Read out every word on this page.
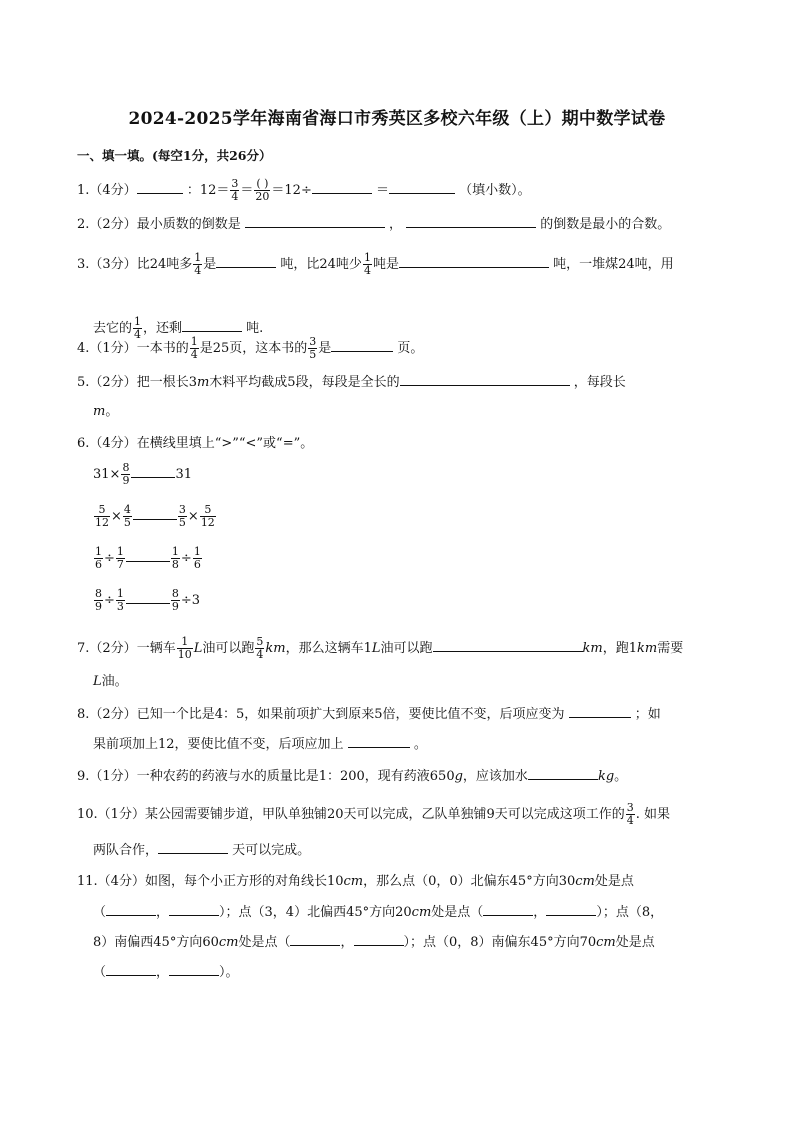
2024-2025学年海南省海口市秀英区多校六年级（上）期中数学试卷
一、填一填。(每空1分，共26分）
1.（4分）	：$12= \frac{3}{4}$ ＝ ( )
20 ＝12÷	＝	（填小数）。
2.（2分）最小质数的倒数是	，	的倒数是最小的合数。
3.（3分）比24吨多 $\frac{1}{4}$ 是	吨，比24吨少 $\frac{1}{4}$ 吨是	吨，一堆煤24吨，用
去它的 $\frac{1}{4}$ ，还剩	吨.
4.（1分）一本书的 $\frac{1}{4}$ 是25页，这本书的 $\frac{3}{5}$ 是	页。
5.（2分）把一根长3m木料平均截成5段，每段是全长的	，每段长
m。
6.（4分）在横线里填上“>”“<”或“=”。
$31\times \frac{8}{9}$	31
$\frac{5}{12} \times \frac{4}{5}$	$\frac{3}{5} \times \frac{5}{12}$
$\frac{1}{6} \div \frac{1}{7}$	$\frac{1}{8} \div \frac{1}{6}$
$\frac{8}{9} \div \frac{1}{3}$	$\frac{8}{9} \div 3$
7.（2分）一辆车 $\frac{1}{10}$ L油可以跑 $\frac{5}{4}$ km，那么这辆车1L油可以跑	km，跑1km需要
L油。
8.（2分）已知一个比是4：5，如果前项扩大到原来5倍，要使比值不变，后项应变为	；如
果前项加上12，要使比值不变，后项应加上	。
9.（1分）一种农药的药液与水的质量比是1：200，现有药液650g，应该加水	kg。
10.（1分）某公园需要铺步道，甲队单独铺20天可以完成，乙队单独铺9天可以完成这项工作的 $\frac{3}{4}$ . 如果
两队合作，	天可以完成。
11.（4分）如图，每个小正方形的对角线长10cm，那么点（0，0）北偏东45°方向30cm处是点
（	，	）；点（3，4）北偏西45°方向20cm处是点（	，	）；点（8，
8）南偏西45°方向60cm处是点（	，	）；点（0，8）南偏东45°方向70cm处是点
（	，	）。
